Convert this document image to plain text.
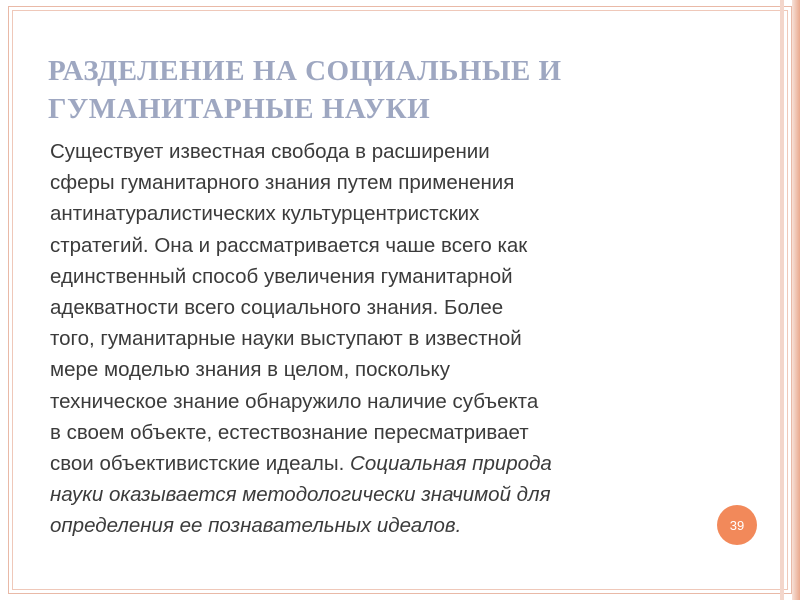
РАЗДЕЛЕНИЕ НА СОЦИАЛЬНЫЕ И
ГУМАНИТАРНЫЕ НАУКИ
Существует известная свобода в расширении
сферы гуманитарного знания путем применения
антинатуралистических культурцентристских
стратегий. Она и рассматривается чаше всего как
единственный способ увеличения гуманитарной
адекватности всего социального знания. Более
того, гуманитарные науки выступают в известной
мере моделью знания в целом, поскольку
техническое знание обнаружило наличие субъекта
в своем объекте, естествознание пересматривает
свои объективистские идеалы. Социальная природа
науки оказывается методологически значимой для
определения ее познавательных идеалов.	39
